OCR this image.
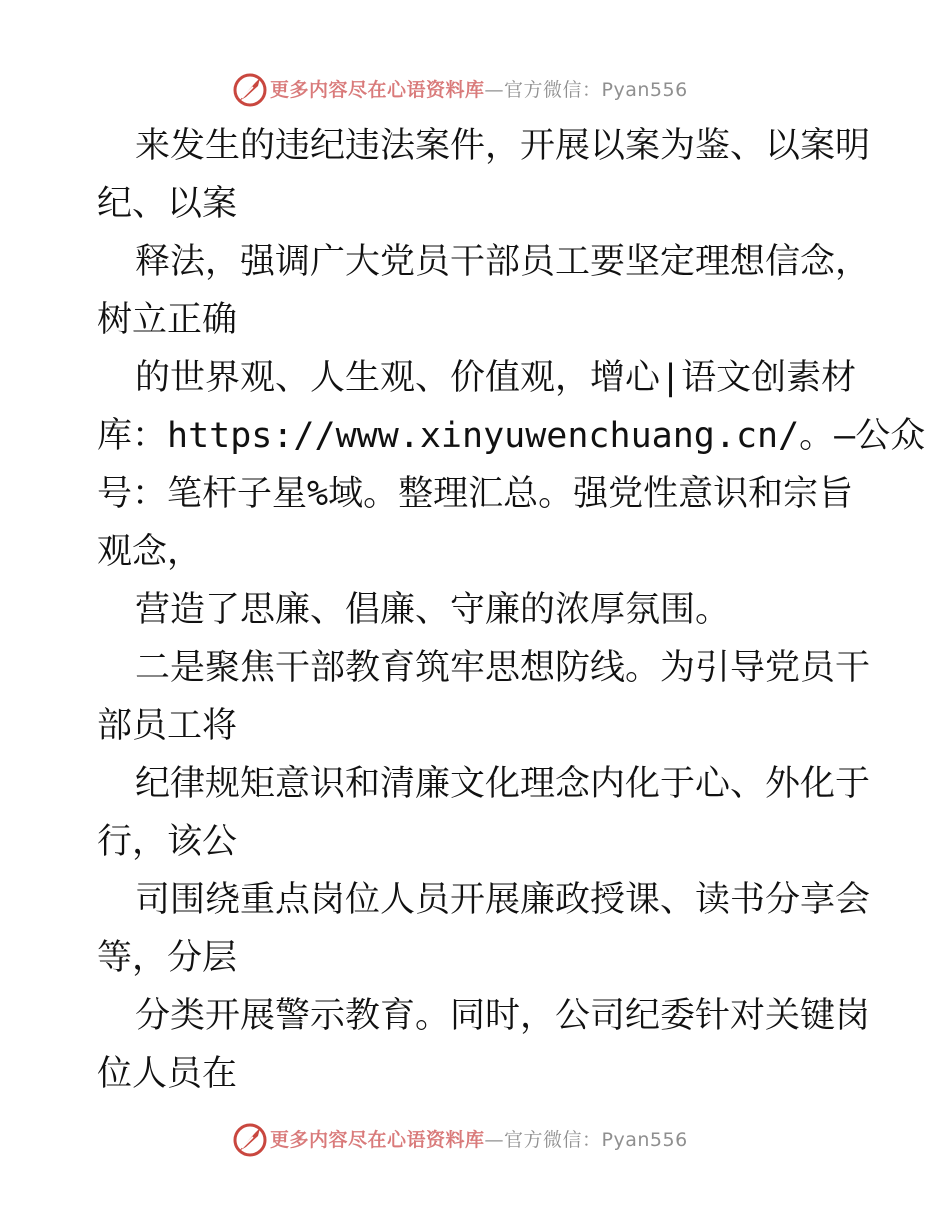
更多内容尽在心语资料库—官方微信：Pyan556
来发生的违纪违法案件，开展以案为鉴、以案明
纪、以案
释法，强调广大党员干部员工要坚定理想信念，
树立正确
的世界观、人生观、价值观，增心|语文创素材
库：https://www.xinyuwenchuang.cn/。—公众
号：笔杆子星%域。整理汇总。强党性意识和宗旨
观念，
营造了思廉、倡廉、守廉的浓厚氛围。
二是聚焦干部教育筑牢思想防线。为引导党员干
部员工将
纪律规矩意识和清廉文化理念内化于心、外化于
行，该公
司围绕重点岗位人员开展廉政授课、读书分享会
等，分层
分类开展警示教育。同时，公司纪委针对关键岗
位人员在
更多内容尽在心语资料库—官方微信：Pyan556
